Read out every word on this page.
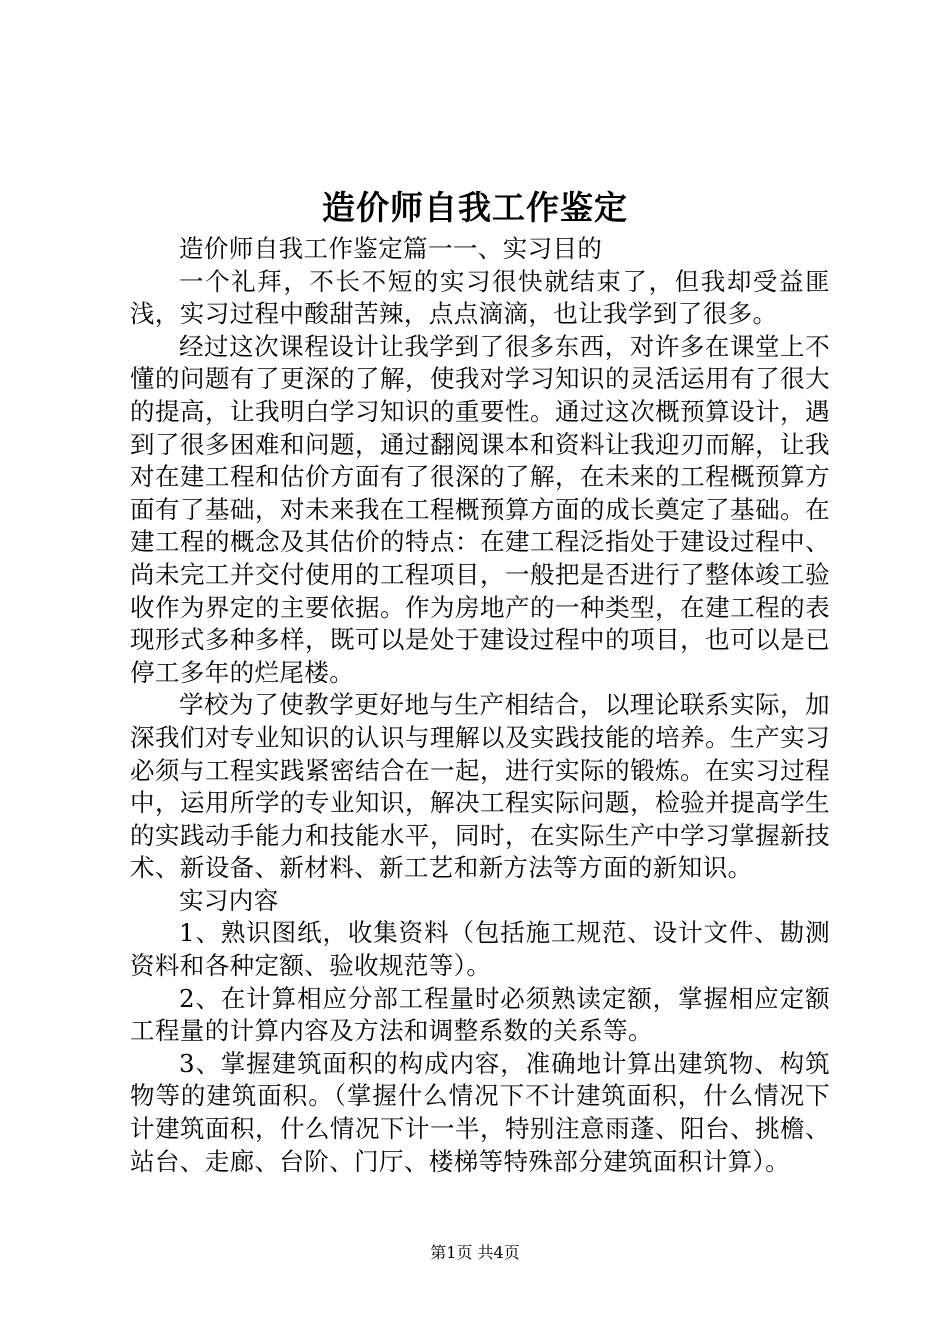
造价师自我工作鉴定

造价师自我工作鉴定篇一一、实习目的

一个礼拜，不长不短的实习很快就结束了，但我却受益匪浅，实习过程中酸甜苦辣，点点滴滴，也让我学到了很多。

经过这次课程设计让我学到了很多东西，对许多在课堂上不懂的问题有了更深的了解，使我对学习知识的灵活运用有了很大的提高，让我明白学习知识的重要性。通过这次概预算设计，遇到了很多困难和问题，通过翻阅课本和资料让我迎刃而解，让我对在建工程和估价方面有了很深的了解，在未来的工程概预算方面有了基础，对未来我在工程概预算方面的成长奠定了基础。在建工程的概念及其估价的特点：在建工程泛指处于建设过程中、尚未完工并交付使用的工程项目，一般把是否进行了整体竣工验收作为界定的主要依据。作为房地产的一种类型，在建工程的表现形式多种多样，既可以是处于建设过程中的项目，也可以是已停工多年的烂尾楼。

学校为了使教学更好地与生产相结合，以理论联系实际，加深我们对专业知识的认识与理解以及实践技能的培养。生产实习必须与工程实践紧密结合在一起，进行实际的锻炼。在实习过程中，运用所学的专业知识，解决工程实际问题，检验并提高学生的实践动手能力和技能水平，同时，在实际生产中学习掌握新技术、新设备、新材料、新工艺和新方法等方面的新知识。

实习内容

1、熟识图纸，收集资料（包括施工规范、设计文件、勘测资料和各种定额、验收规范等）。

2、在计算相应分部工程量时必须熟读定额，掌握相应定额工程量的计算内容及方法和调整系数的关系等。

3、掌握建筑面积的构成内容，准确地计算出建筑物、构筑物等的建筑面积。（掌握什么情况下不计建筑面积，什么情况下计建筑面积，什么情况下计一半，特别注意雨蓬、阳台、挑檐、站台、走廊、台阶、门厅、楼梯等特殊部分建筑面积计算）。

第1页 共4页
